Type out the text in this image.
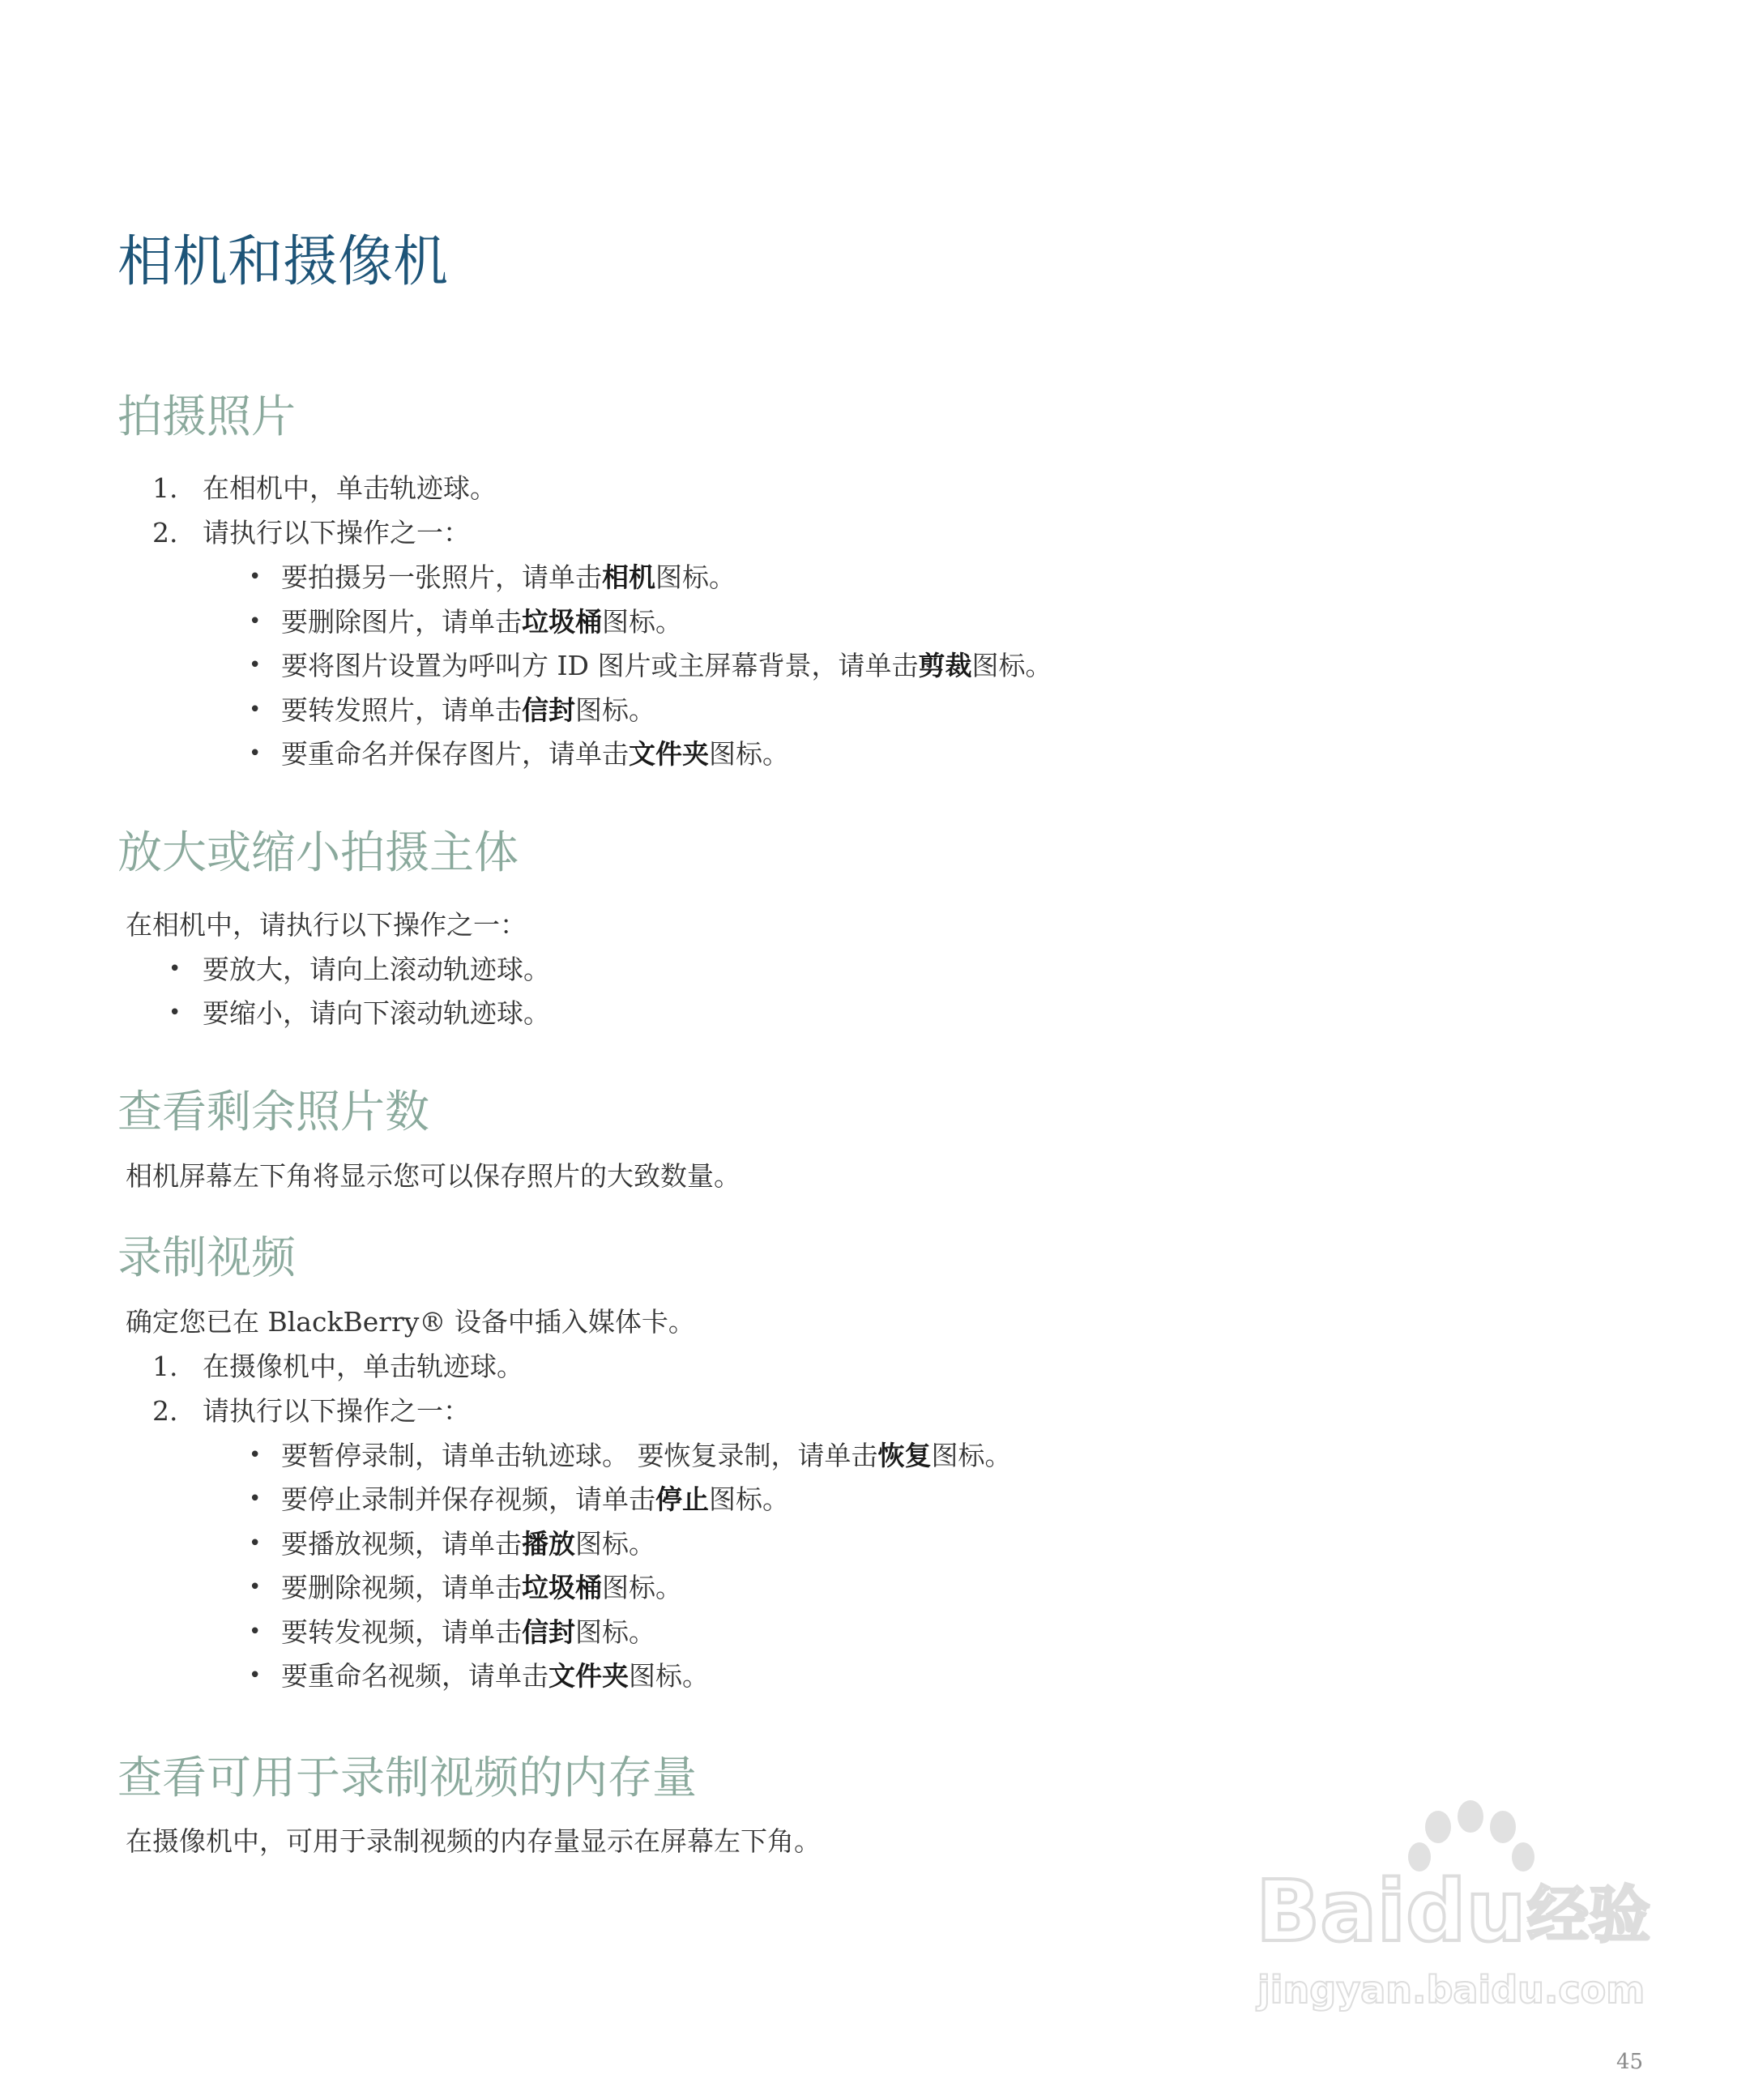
相机和摄像机
拍摄照片
1. 在相机中，单击轨迹球。
2. 请执行以下操作之一：
• 要拍摄另一张照片，请单击相机图标。
• 要删除图片，请单击垃圾桶图标。
• 要将图片设置为呼叫方 ID 图片或主屏幕背景，请单击剪裁图标。
• 要转发照片，请单击信封图标。
• 要重命名并保存图片，请单击文件夹图标。
放大或缩小拍摄主体
在相机中，请执行以下操作之一：
• 要放大，请向上滚动轨迹球。
• 要缩小，请向下滚动轨迹球。
查看剩余照片数
相机屏幕左下角将显示您可以保存照片的大致数量。
录制视频
确定您已在 BlackBerry® 设备中插入媒体卡。
1. 在摄像机中，单击轨迹球。
2. 请执行以下操作之一：
• 要暂停录制，请单击轨迹球。 要恢复录制，请单击恢复图标。
• 要停止录制并保存视频，请单击停止图标。
• 要播放视频，请单击播放图标。
• 要删除视频，请单击垃圾桶图标。
• 要转发视频，请单击信封图标。
• 要重命名视频，请单击文件夹图标。
查看可用于录制视频的内存量
在摄像机中，可用于录制视频的内存量显示在屏幕左下角。
Baidu 经验
jingyan.baidu.com
45
